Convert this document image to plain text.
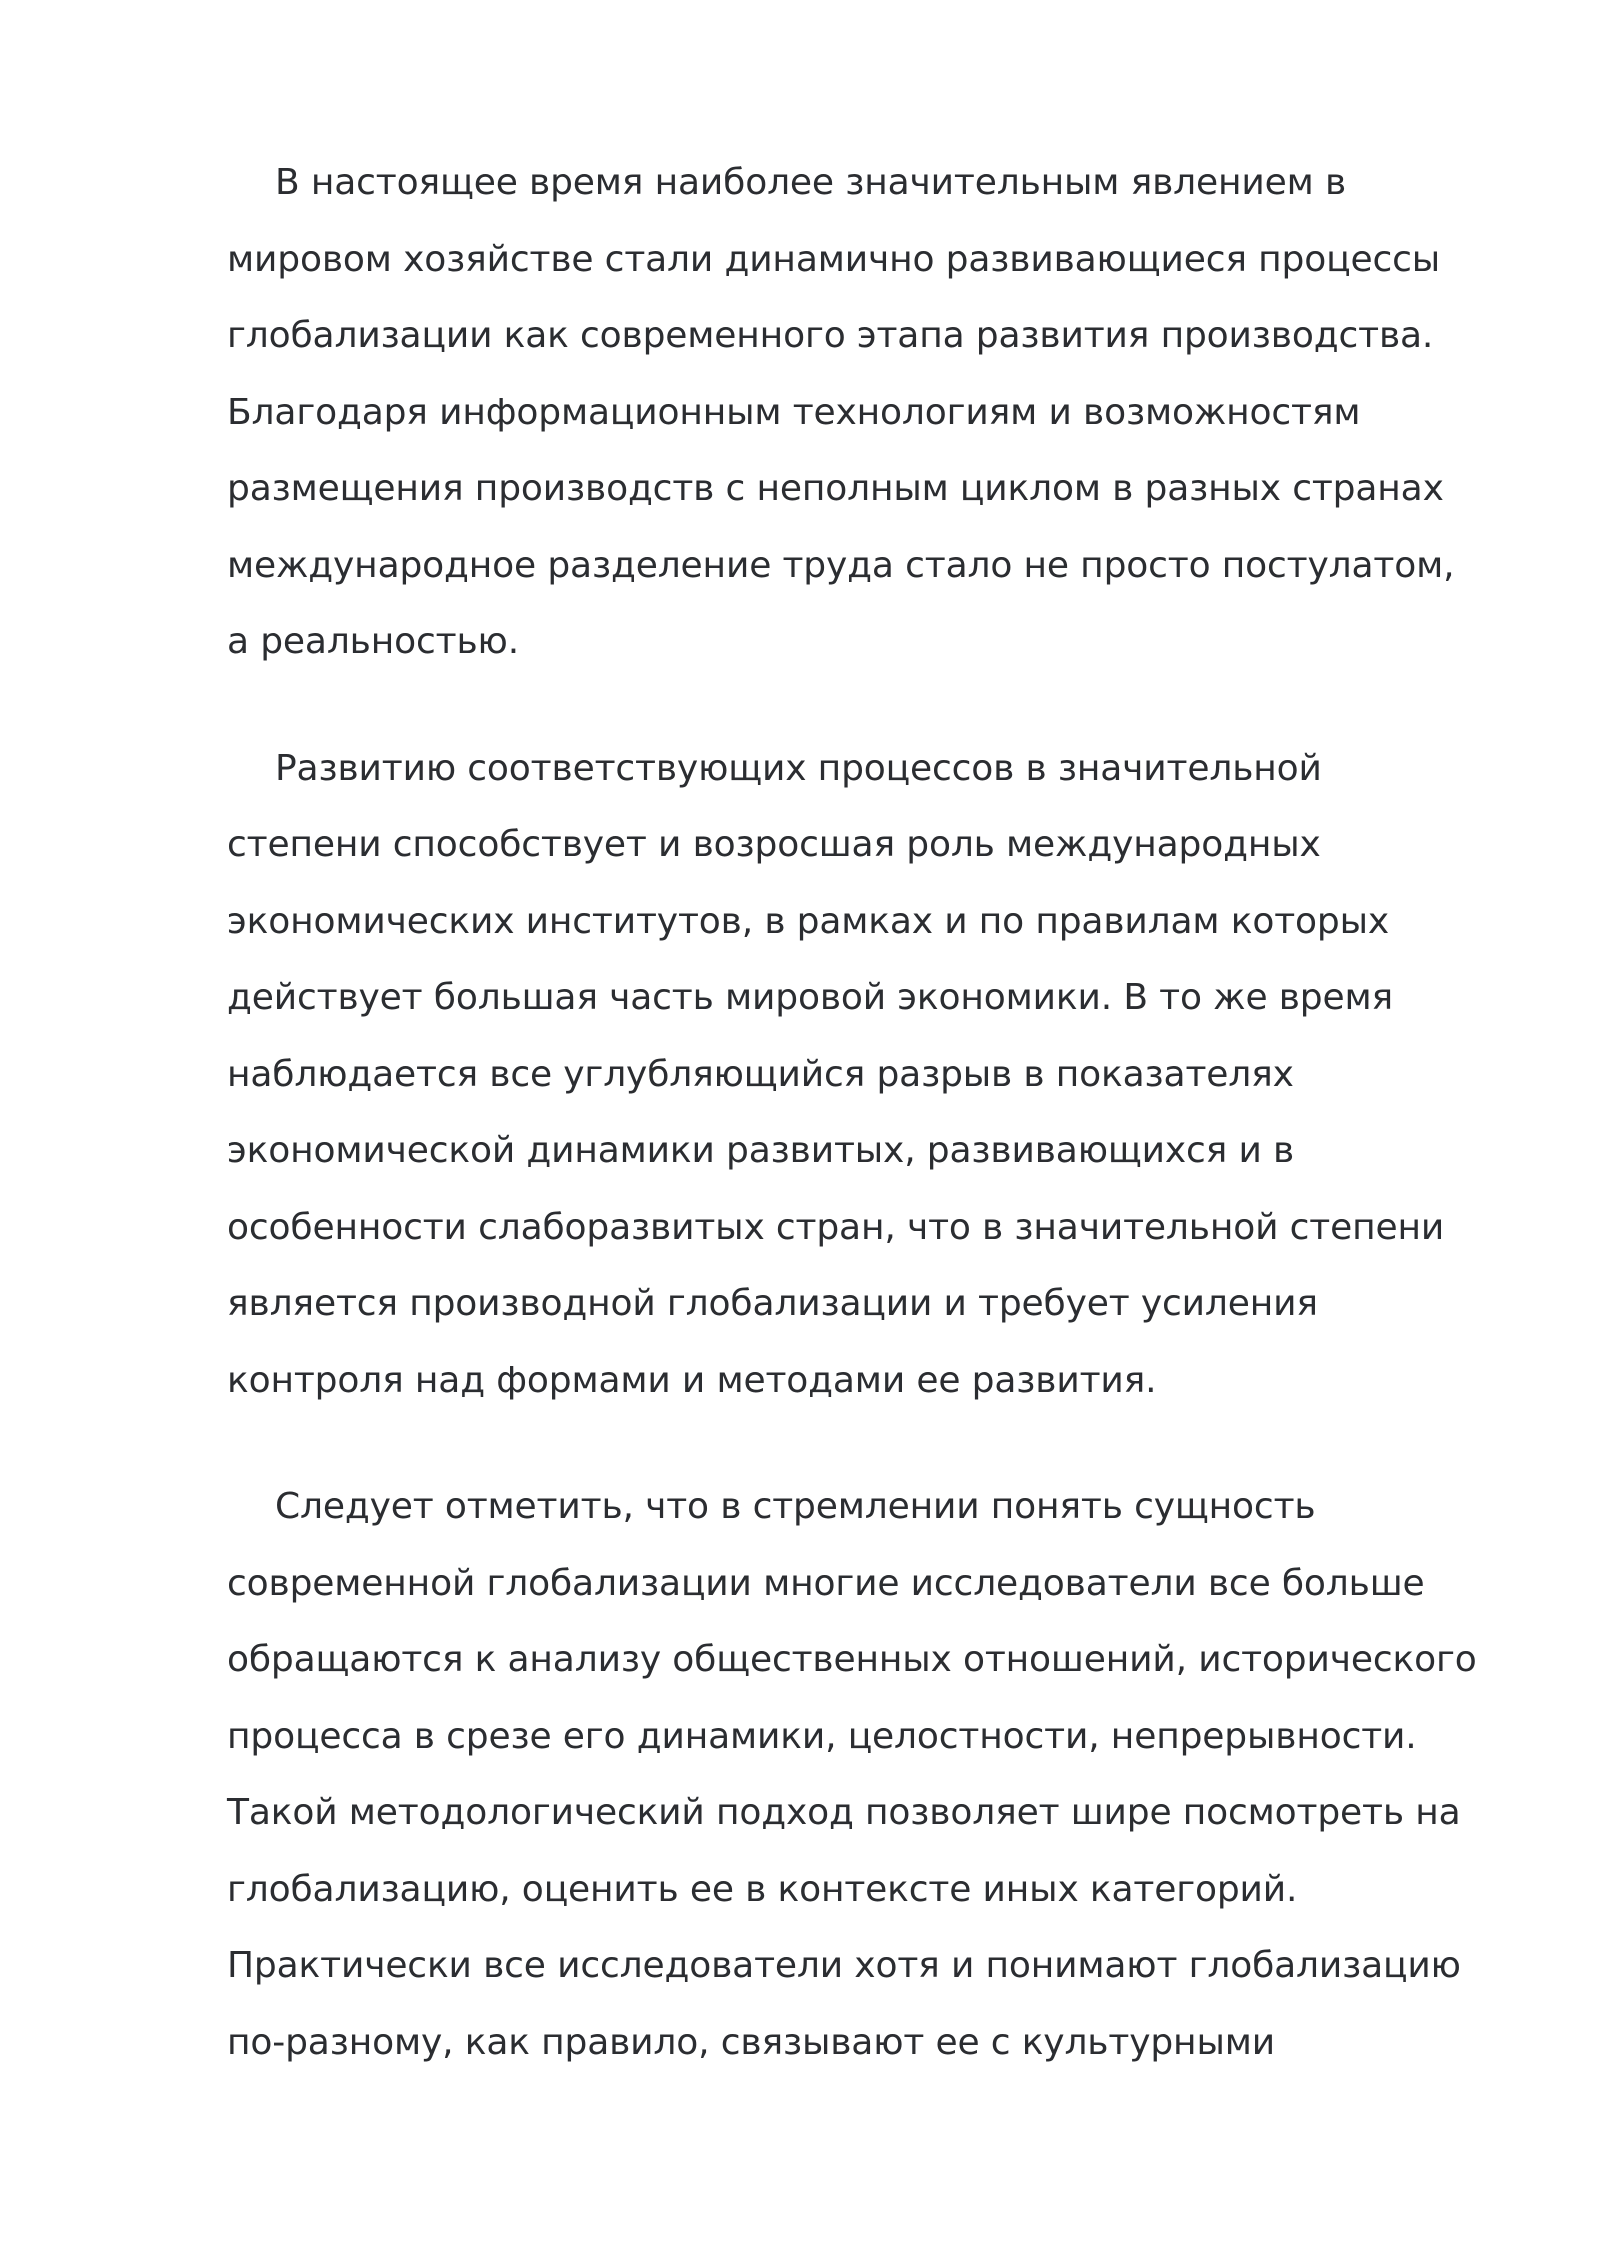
В настоящее время наиболее значительным явлением в мировом хозяйстве стали динамично развивающиеся процессы глобализации как современного этапа развития производства. Благодаря информационным технологиям и возможностям размещения производств с неполным циклом в разных странах международное разделение труда стало не просто постулатом, а реальностью.

Развитию соответствующих процессов в значительной степени способствует и возросшая роль международных экономических институтов, в рамках и по правилам которых действует большая часть мировой экономики. В то же время наблюдается все углубляющийся разрыв в показателях экономической динамики развитых, развивающихся и в особенности слаборазвитых стран, что в значительной степени является производной глобализации и требует усиления контроля над формами и методами ее развития.

Следует отметить, что в стремлении понять сущность современной глобализации многие исследователи все больше обращаются к анализу общественных отношений, исторического процесса в срезе его динамики, целостности, непрерывности. Такой методологический подход позволяет шире посмотреть на глобализацию, оценить ее в контексте иных категорий. Практически все исследователи хотя и понимают глобализацию по-разному, как правило, связывают ее с культурными
